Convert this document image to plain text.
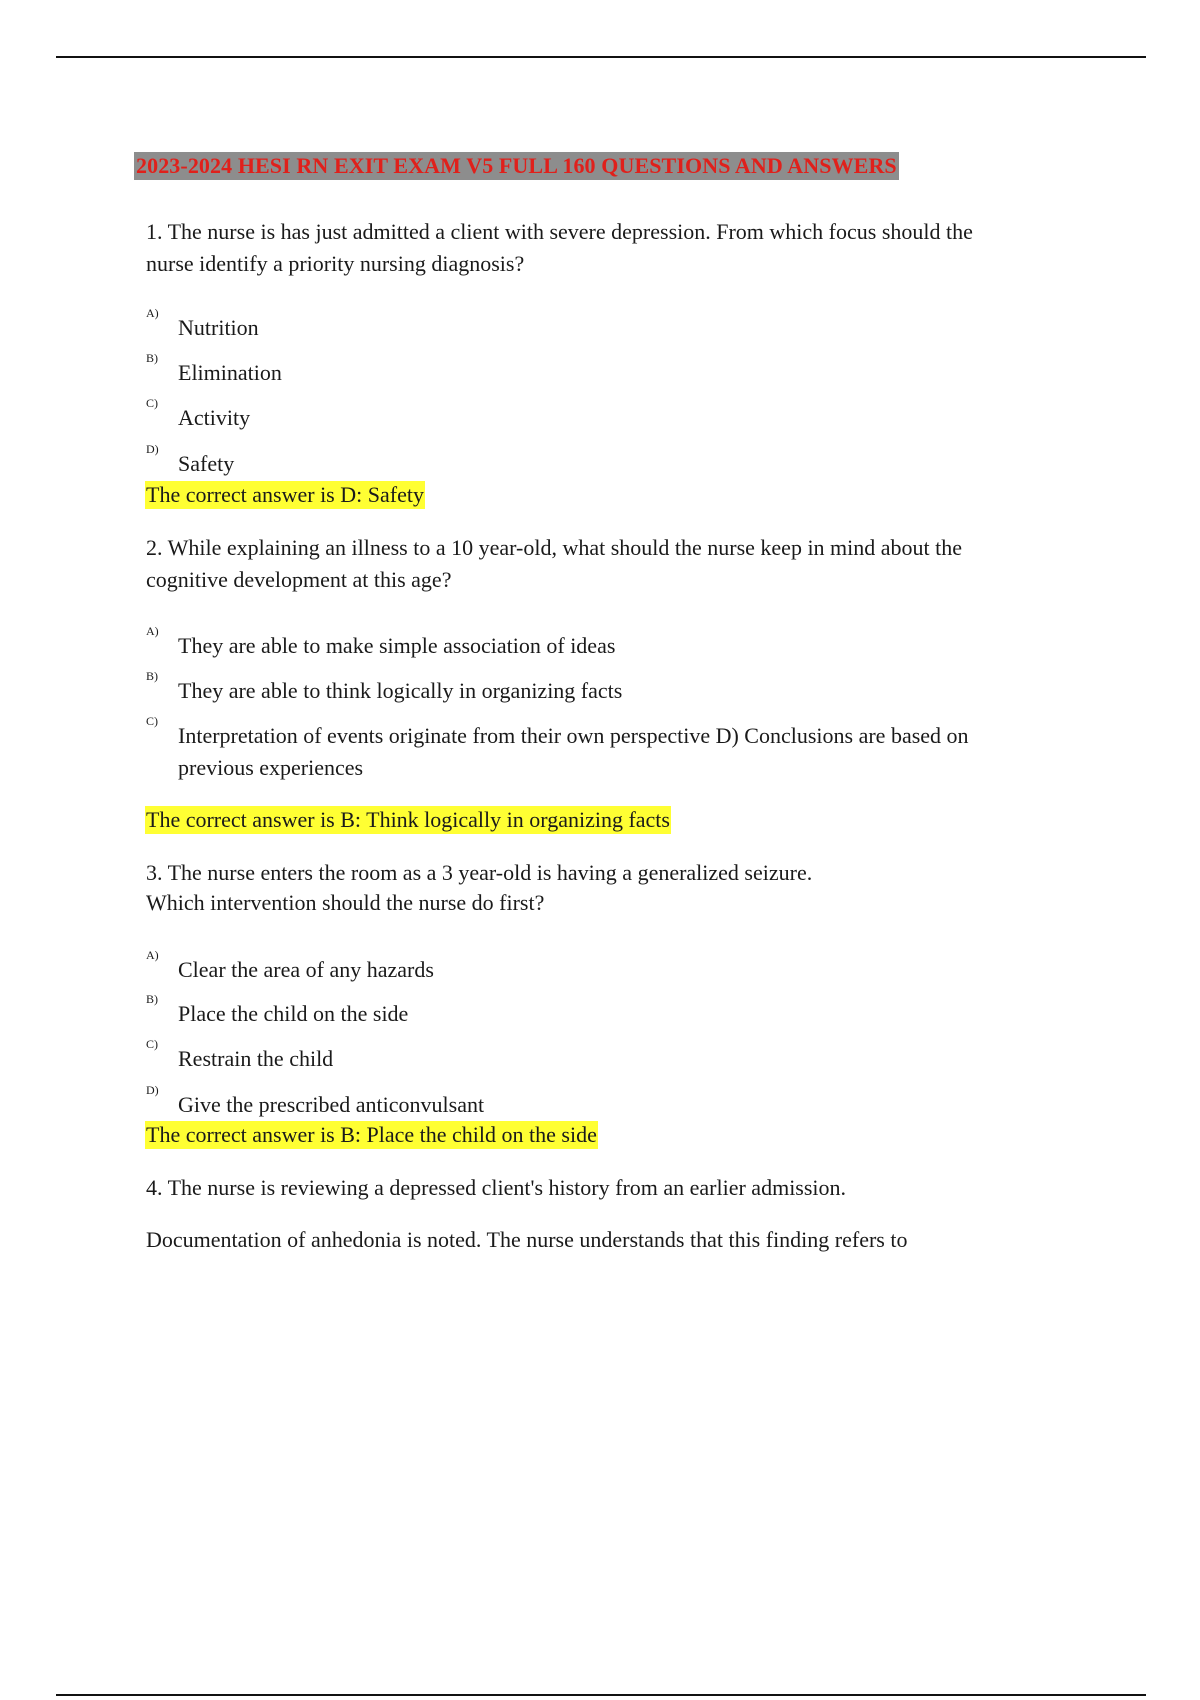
2023-2024 HESI RN EXIT EXAM V5 FULL 160 QUESTIONS AND ANSWERS

1. The nurse is has just admitted a client with severe depression. From which focus should the nurse identify a priority nursing diagnosis?

A)
Nutrition
B)
Elimination
C)
Activity
D)
Safety

The correct answer is D: Safety

2. While explaining an illness to a 10 year-old, what should the nurse keep in mind about the cognitive development at this age?

A)
They are able to make simple association of ideas
B)
They are able to think logically in organizing facts
C)
Interpretation of events originate from their own perspective D) Conclusions are based on previous experiences

The correct answer is B: Think logically in organizing facts

3. The nurse enters the room as a 3 year-old is having a generalized seizure.

Which intervention should the nurse do first?

A)
Clear the area of any hazards
B)
Place the child on the side
C)
Restrain the child
D)
Give the prescribed anticonvulsant

The correct answer is B: Place the child on the side

4. The nurse is reviewing a depressed client's history from an earlier admission.

Documentation of anhedonia is noted. The nurse understands that this finding refers to
